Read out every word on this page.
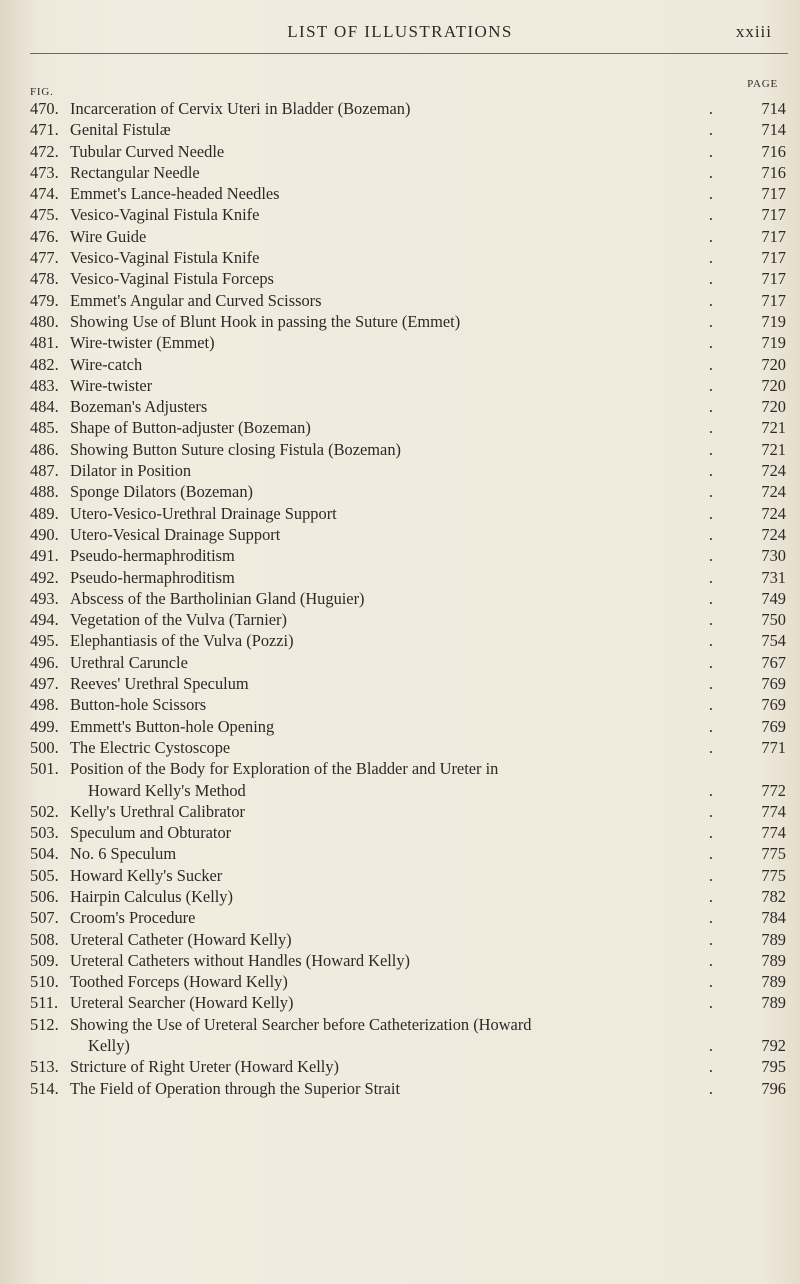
LIST OF ILLUSTRATIONS	xxiii
FIG.
PAGE
470. Incarceration of Cervix Uteri in Bladder (Bozeman)	.	714
471. Genital Fistulæ	.	714
472. Tubular Curved Needle	.	716
473. Rectangular Needle	.	716
474. Emmet's Lance-headed Needles	.	717
475. Vesico-Vaginal Fistula Knife	.	717
476. Wire Guide	.	717
477. Vesico-Vaginal Fistula Knife	.	717
478. Vesico-Vaginal Fistula Forceps	.	717
479. Emmet's Angular and Curved Scissors	.	717
480. Showing Use of Blunt Hook in passing the Suture (Emmet)	.	719
481. Wire-twister (Emmet)	.	719
482. Wire-catch	.	720
483. Wire-twister	.	720
484. Bozeman's Adjusters	.	720
485. Shape of Button-adjuster (Bozeman)	.	721
486. Showing Button Suture closing Fistula (Bozeman)	.	721
487. Dilator in Position	.	724
488. Sponge Dilators (Bozeman)	.	724
489. Utero-Vesico-Urethral Drainage Support	.	724
490. Utero-Vesical Drainage Support	.	724
491. Pseudo-hermaphroditism	.	730
492. Pseudo-hermaphroditism	.	731
493. Abscess of the Bartholinian Gland (Huguier)	.	749
494. Vegetation of the Vulva (Tarnier)	.	750
495. Elephantiasis of the Vulva (Pozzi)	.	754
496. Urethral Caruncle	.	767
497. Reeves' Urethral Speculum	.	769
498. Button-hole Scissors	.	769
499. Emmett's Button-hole Opening	.	769
500. The Electric Cystoscope	.	771
501. Position of the Body for Exploration of the Bladder and Ureter in
Howard Kelly's Method	.	772
502. Kelly's Urethral Calibrator	.	774
503. Speculum and Obturator	.	774
504. No. 6 Speculum	.	775
505. Howard Kelly's Sucker	.	775
506. Hairpin Calculus (Kelly)	.	782
507. Croom's Procedure	.	784
508. Ureteral Catheter (Howard Kelly)	.	789
509. Ureteral Catheters without Handles (Howard Kelly)	.	789
510. Toothed Forceps (Howard Kelly)	.	789
511. Ureteral Searcher (Howard Kelly)	.	789
512. Showing the Use of Ureteral Searcher before Catheterization (Howard
Kelly)	.	792
513. Stricture of Right Ureter (Howard Kelly)	.	795
514. The Field of Operation through the Superior Strait	.	796
